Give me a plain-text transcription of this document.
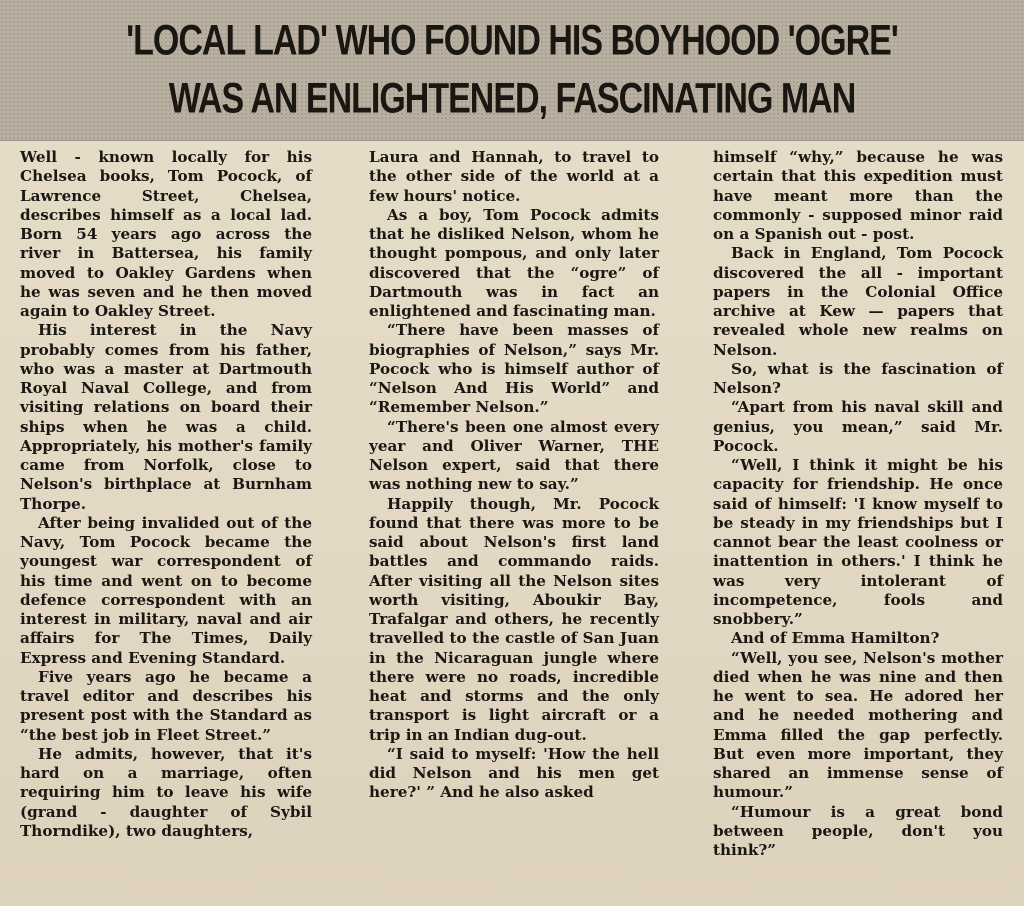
'LOCAL LAD' WHO FOUND HIS BOYHOOD 'OGRE'
WAS AN ENLIGHTENED, FASCINATING MAN

Well - known locally for his Chelsea books, Tom Pocock, of Lawrence Street, Chelsea, describes himself as a local lad. Born 54 years ago across the river in Battersea, his family moved to Oakley Gardens when he was seven and he then moved again to Oakley Street.

His interest in the Navy probably comes from his father, who was a master at Dartmouth Royal Naval College, and from visiting relations on board their ships when he was a child. Appropriately, his mother's family came from Norfolk, close to Nelson's birthplace at Burnham Thorpe.

After being invalided out of the Navy, Tom Pocock became the youngest war correspondent of his time and went on to become defence correspondent with an interest in military, naval and air affairs for The Times, Daily Express and Evening Standard.

Five years ago he became a travel editor and describes his present post with the Standard as “the best job in Fleet Street.”

He admits, however, that it's hard on a marriage, often requiring him to leave his wife (grand - daughter of Sybil Thorndike), two daughters,

Laura and Hannah, to travel to the other side of the world at a few hours' notice.

As a boy, Tom Pocock admits that he disliked Nelson, whom he thought pompous, and only later discovered that the “ogre” of Dartmouth was in fact an enlightened and fascinating man.

“There have been masses of biographies of Nelson,” says Mr. Pocock who is himself author of “Nelson And His World” and “Remember Nelson.”

“There's been one almost every year and Oliver Warner, THE Nelson expert, said that there was nothing new to say.”

Happily though, Mr. Pocock found that there was more to be said about Nelson's first land battles and commando raids. After visiting all the Nelson sites worth visiting, Aboukir Bay, Trafalgar and others, he recently travelled to the castle of San Juan in the Nicaraguan jungle where there were no roads, incredible heat and storms and the only transport is light aircraft or a trip in an Indian dug-out.

“I said to myself: 'How the hell did Nelson and his men get here?' ” And he also asked

himself “why,” because he was certain that this expedition must have meant more than the commonly - supposed minor raid on a Spanish out - post.

Back in England, Tom Pocock discovered the all - important papers in the Colonial Office archive at Kew — papers that revealed whole new realms on Nelson.

So, what is the fascination of Nelson?

“Apart from his naval skill and genius, you mean,” said Mr. Pocock.

“Well, I think it might be his capacity for friendship. He once said of himself: 'I know myself to be steady in my friendships but I cannot bear the least coolness or inattention in others.' I think he was very intolerant of incompetence, fools and snobbery.”

And of Emma Hamilton?

“Well, you see, Nelson's mother died when he was nine and then he went to sea. He adored her and he needed mothering and Emma filled the gap perfectly. But even more important, they shared an immense sense of humour.”

“Humour is a great bond between people, don't you think?”
